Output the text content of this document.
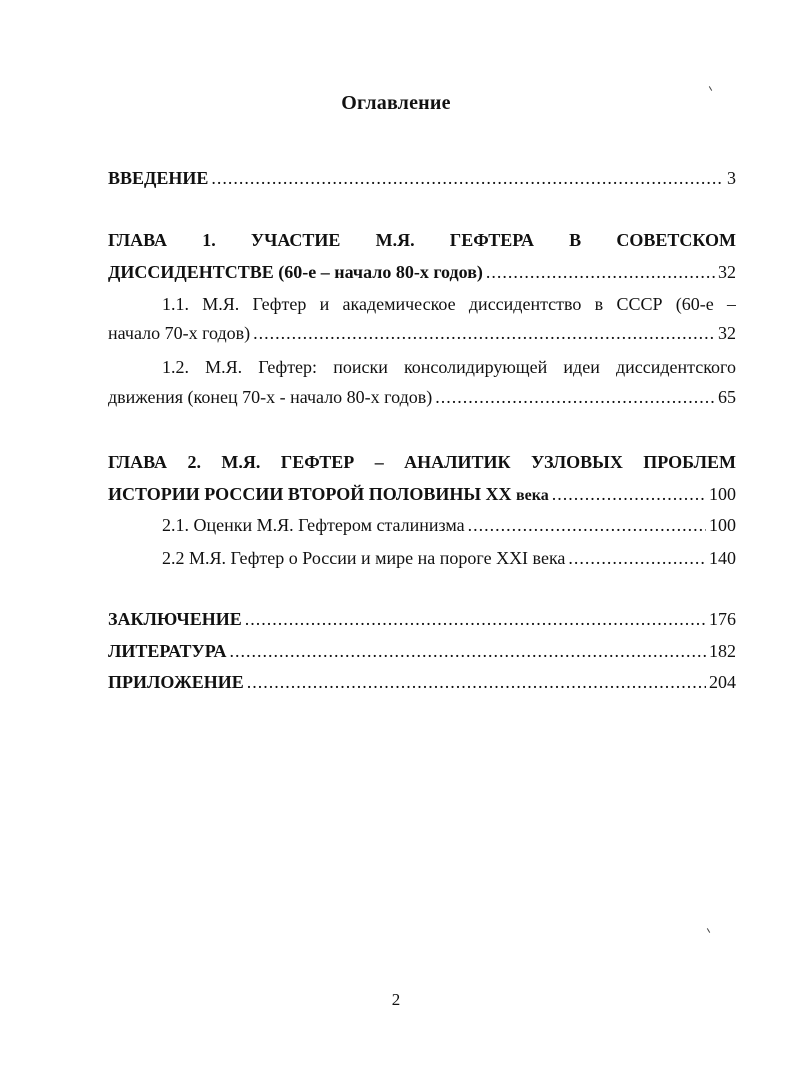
Оглавление
ВВЕДЕНИЕ .....	3
ГЛАВА 1. УЧАСТИЕ М.Я. ГЕФТЕРА В СОВЕТСКОМ
ДИССИДЕНТСТВЕ (60-е – начало 80-х годов) .....	32
1.1. М.Я. Гефтер и академическое диссидентство в СССР (60-е –
начало 70-х годов) .....	32
1.2. М.Я. Гефтер: поиски консолидирующей идеи диссидентского
движения (конец 70-х - начало 80-х годов) .....	65
ГЛАВА 2. М.Я. ГЕФТЕР – АНАЛИТИК УЗЛОВЫХ ПРОБЛЕМ
ИСТОРИИ РОССИИ ВТОРОЙ ПОЛОВИНЫ XX века .....	100
2.1. Оценки М.Я. Гефтером сталинизма .....	100
2.2 М.Я. Гефтер о России и мире на пороге XXI века .....	140
ЗАКЛЮЧЕНИЕ .....	176
ЛИТЕРАТУРА .....	182
ПРИЛОЖЕНИЕ .....	204
2
